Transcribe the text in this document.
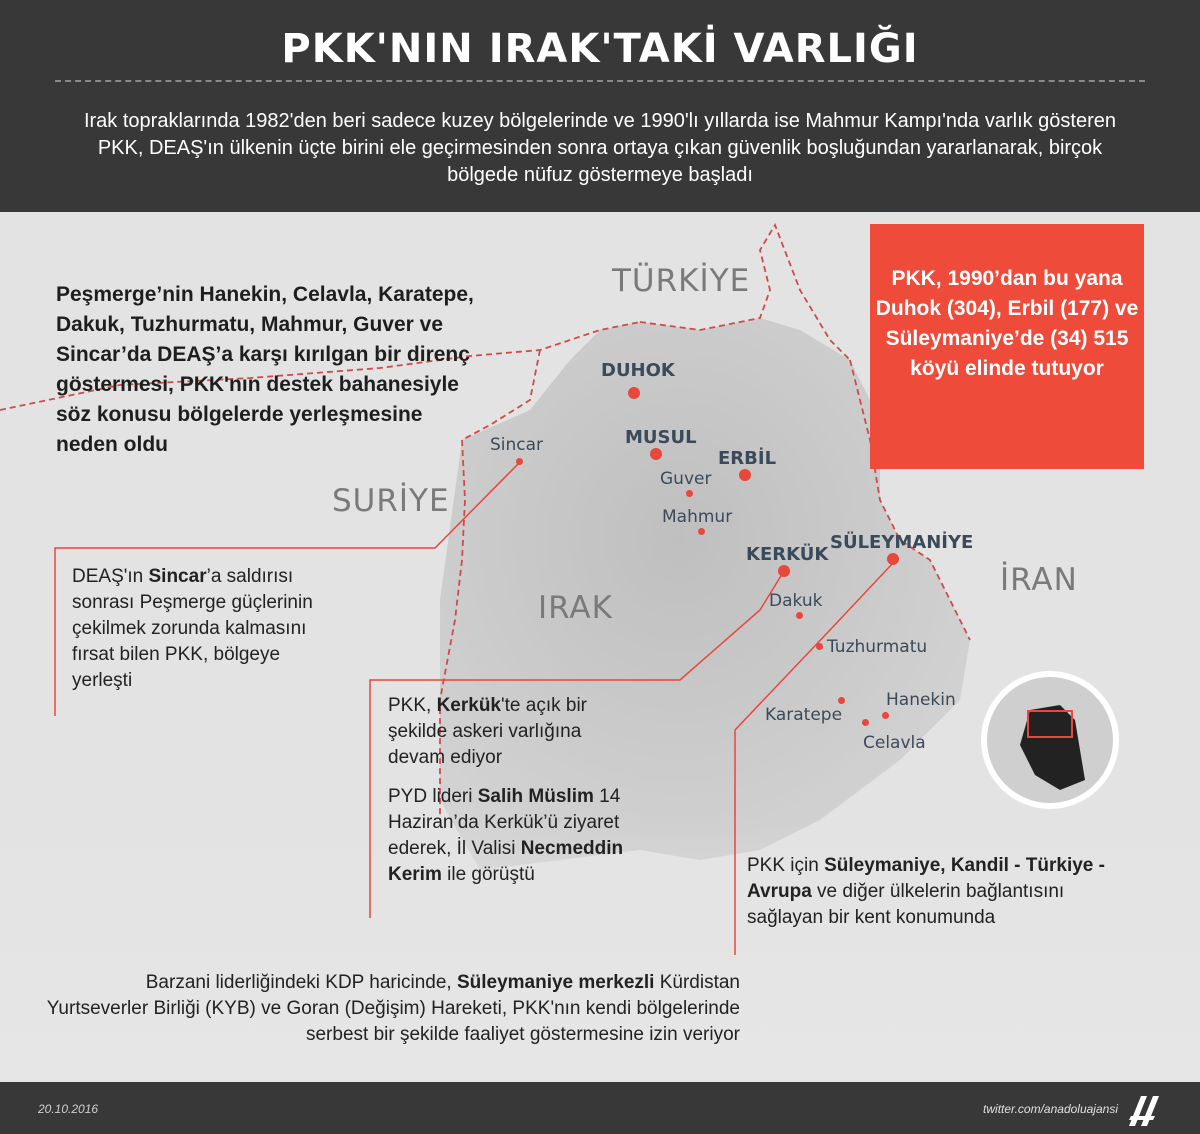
PKK'NIN IRAK'TAKİ VARLIĞI
Irak topraklarında 1982'den beri sadece kuzey bölgelerinde ve 1990'lı yıllarda ise Mahmur Kampı'nda varlık gösteren PKK, DEAŞ'ın ülkenin üçte birini ele geçirmesinden sonra ortaya çıkan güvenlik boşluğundan yararlanarak, birçok bölgede nüfuz göstermeye başladı
TÜRKİYE
SURİYE
IRAK
İRAN
DUHOK
MUSUL
ERBİL
KERKÜK
SÜLEYMANİYE
Sincar
Guver
Mahmur
Dakuk
Tuzhurmatu
Karatepe
Hanekin
Celavla
Peşmerge’nin Hanekin, Celavla, Karatepe, Dakuk, Tuzhurmatu, Mahmur, Guver ve Sincar’da DEAŞ’a karşı kırılgan bir direnç göstermesi, PKK'nın destek bahanesiyle söz konusu bölgelerde yerleşmesine neden oldu
PKK, 1990’dan bu yana Duhok (304), Erbil (177) ve Süleymaniye’de (34) 515 köyü elinde tutuyor
DEAŞ'ın Sincar’a saldırısı sonrası Peşmerge güçlerinin çekilmek zorunda kalmasını fırsat bilen PKK, bölgeye yerleşti
PKK, Kerkük'te açık bir şekilde askeri varlığına devam ediyor
PYD lideri Salih Müslim 14 Haziran’da Kerkük’ü ziyaret ederek, İl Valisi Necmeddin Kerim ile görüştü	PKK için Süleymaniye, Kandil - Türkiye - Avrupa ve diğer ülkelerin bağlantısını sağlayan bir kent konumunda
Barzani liderliğindeki KDP haricinde, Süleymaniye merkezli Kürdistan Yurtseverler Birliği (KYB) ve Goran (Değişim) Hareketi, PKK'nın kendi bölgelerinde serbest bir şekilde faaliyet göstermesine izin veriyor
20.10.2016	twitter.com/anadoluajansi
